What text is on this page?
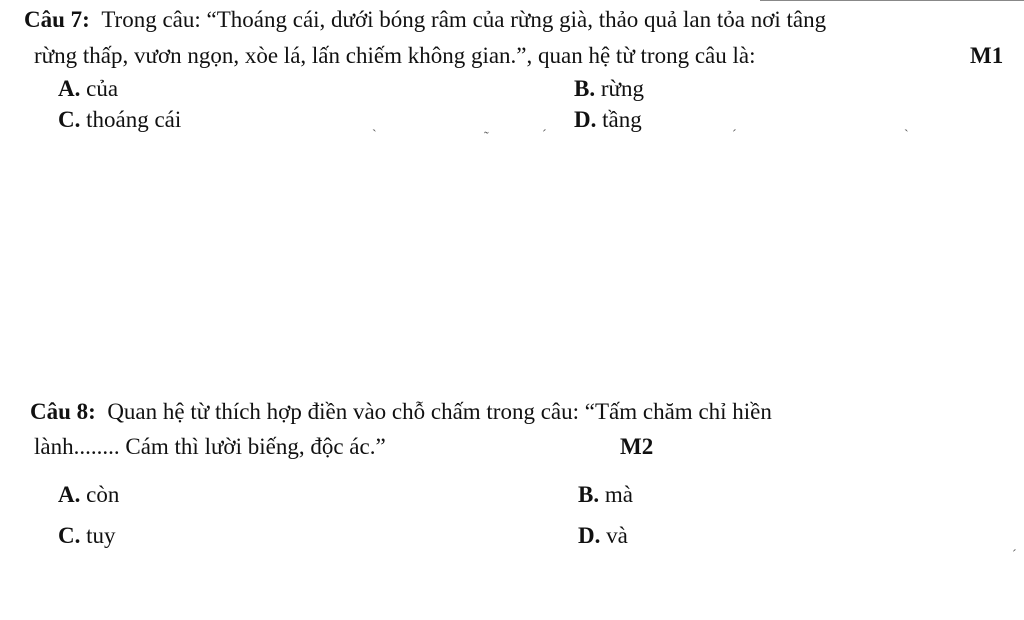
Câu 7: Trong câu: “Thoáng cái, dưới bóng râm của rừng già, thảo quả lan tỏa nơi tâng
rừng thấp, vươn ngọn, xòe lá, lấn chiếm không gian.”, quan hệ từ trong câu là:	M1
A. của	B. rừng
C. thoáng cái	D. tầng
ˋ	˜	ˊ	ˊ	ˋ
ˊ
Câu 8: Quan hệ từ thích hợp điền vào chỗ chấm trong câu: “Tấm chăm chỉ hiền
lành........ Cám thì lười biếng, độc ác.”	M2
A. còn	B. mà
C. tuy	D. và
